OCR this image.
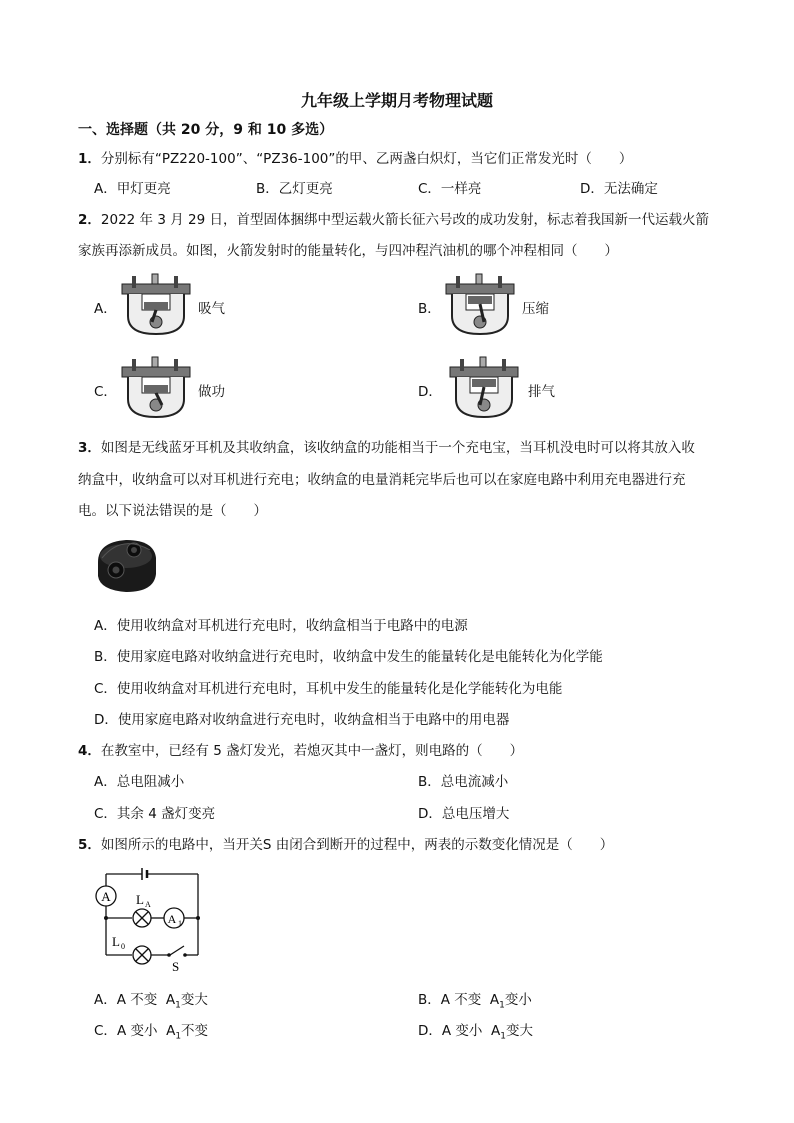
九年级上学期月考物理试题
一、选择题（共 20 分，9 和 10 多选）
1．分别标有“PZ220-100”、“PZ36-100”的甲、乙两盏白炽灯，当它们正常发光时（　　）
A．甲灯更亮	B．乙灯更亮	C．一样亮	D．无法确定
2．2022 年 3 月 29 日，首型固体捆绑中型运载火箭长征六号改的成功发射，标志着我国新一代运载火箭
家族再添新成员。如图，火箭发射时的能量转化，与四冲程汽油机的哪个冲程相同（　　）
A．	吸气	B．	压缩
C．	做功	D．	排气
3．如图是无线蓝牙耳机及其收纳盒，该收纳盒的功能相当于一个充电宝，当耳机没电时可以将其放入收
纳盒中，收纳盒可以对耳机进行充电；收纳盒的电量消耗完毕后也可以在家庭电路中利用充电器进行充
电。以下说法错误的是（　　）
A．使用收纳盒对耳机进行充电时，收纳盒相当于电路中的电源
B．使用家庭电路对收纳盒进行充电时，收纳盒中发生的能量转化是电能转化为化学能
C．使用收纳盒对耳机进行充电时，耳机中发生的能量转化是化学能转化为电能
D．使用家庭电路对收纳盒进行充电时，收纳盒相当于电路中的用电器
4．在教室中，已经有 5 盏灯发光，若熄灭其中一盏灯，则电路的（　　）
A．总电阻减小	B．总电流减小
C．其余 4 盏灯变亮	D．总电压增大
5．如图所示的电路中，当开关S 由闭合到断开的过程中，两表的示数变化情况是（　　）
A
A 1
L A
L 0
S
A．A 不变 $A_1$变大	B．A 不变 $A_1$变小
C．A 变小 $A_1$不变	D．A 变小 $A_1$变大
